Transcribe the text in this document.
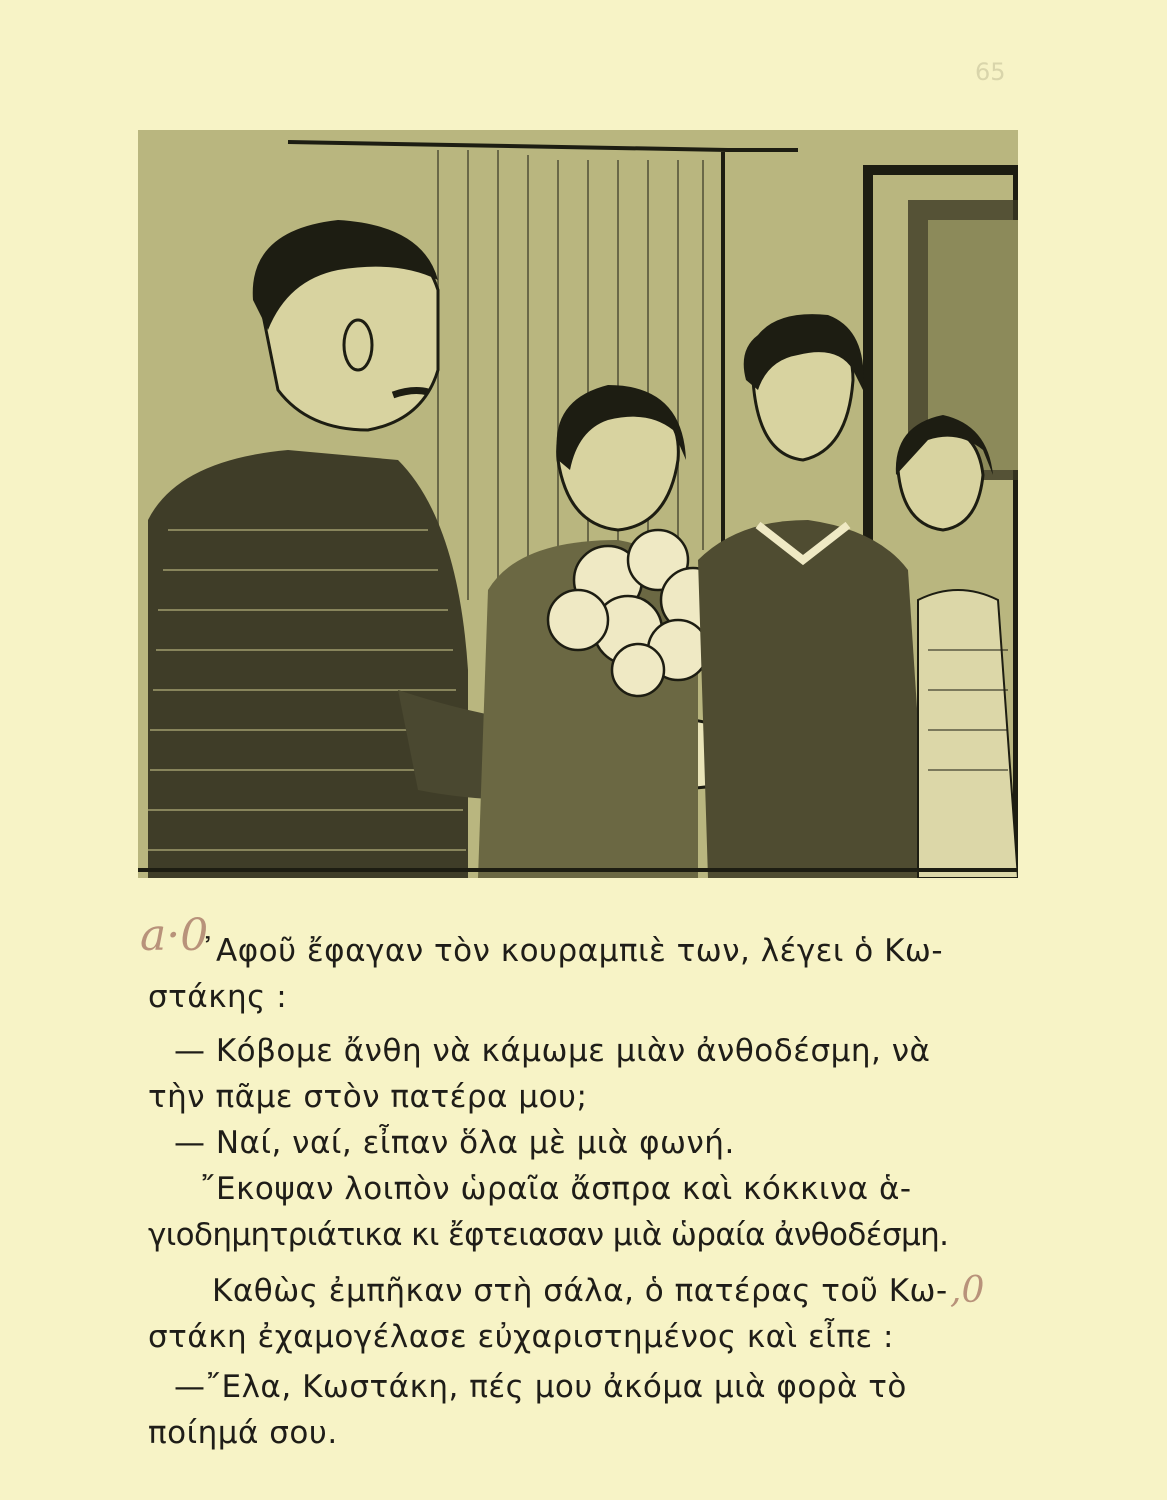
65
a·0
,0
᾿Αφοῦ ἔφαγαν τὸν κουραμπιὲ των, λέγει ὁ Κω-
στάκης :
— Κόβομε ἄνθη νὰ κάμωμε μιὰν ἀνθοδέσμη, νὰ
τὴν πᾶμε στὸν πατέρα μου;
— Ναί, ναί, εἶπαν ὅλα μὲ μιὰ φωνή.
῎Εκοψαν λοιπὸν ὡραῖα ἄσπρα καὶ κόκκινα ἁ-
γιοδημητριάτικα κι ἔφτειασαν μιὰ ὡραία ἀνθοδέσμη.
Καθὼς ἐμπῆκαν στὴ σάλα, ὁ πατέρας τοῦ Κω-
στάκη ἐχαμογέλασε εὐχαριστημένος καὶ εἶπε :
—῎Ελα, Κωστάκη, πές μου ἀκόμα μιὰ φορὰ τὸ
ποίημά σου.
